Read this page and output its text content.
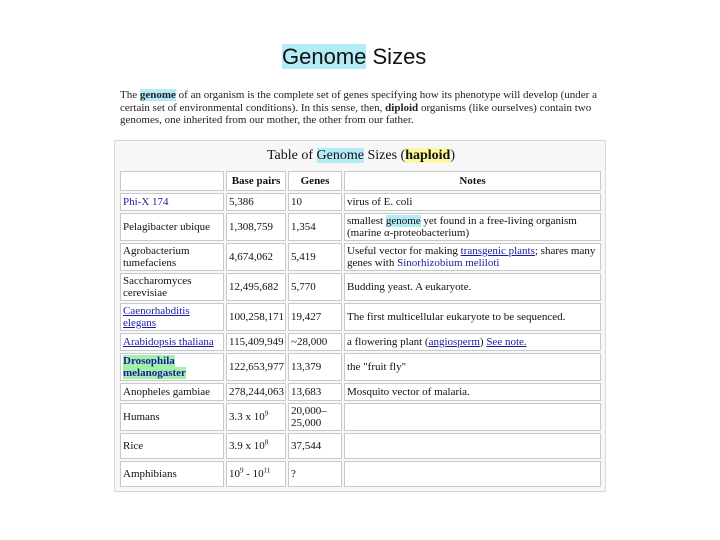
Genome Sizes
The genome of an organism is the complete set of genes specifying how its phenotype will develop (under a certain set of environmental conditions). In this sense, then, diploid organisms (like ourselves) contain two genomes, one inherited from our mother, the other from our father.
Table of Genome Sizes (haploid)
	Base pairs	Genes	Notes
Phi-X 174	5,386	10	virus of E. coli
Pelagibacter ubique	1,308,759	1,354	smallest genome yet found in a free-living organism (marine α-proteobacterium)
Agrobacterium tumefaciens	4,674,062	5,419	Useful vector for making transgenic plants; shares many genes with Sinorhizobium meliloti
Saccharomyces cerevisiae	12,495,682	5,770	Budding yeast. A eukaryote.
Caenorhabditis elegans	100,258,171	19,427	The first multicellular eukaryote to be sequenced.
Arabidopsis thaliana	115,409,949	~28,000	a flowering plant (angiosperm) See note.
Drosophila melanogaster	122,653,977	13,379	the "fruit fly"
Anopheles gambiae	278,244,063	13,683	Mosquito vector of malaria.
Humans	3.3 x $10^9$	20,000–25,000	
Rice	3.9 x $10^8$	37,544	
Amphibians	$10^9 - 10^{11}$	?	
